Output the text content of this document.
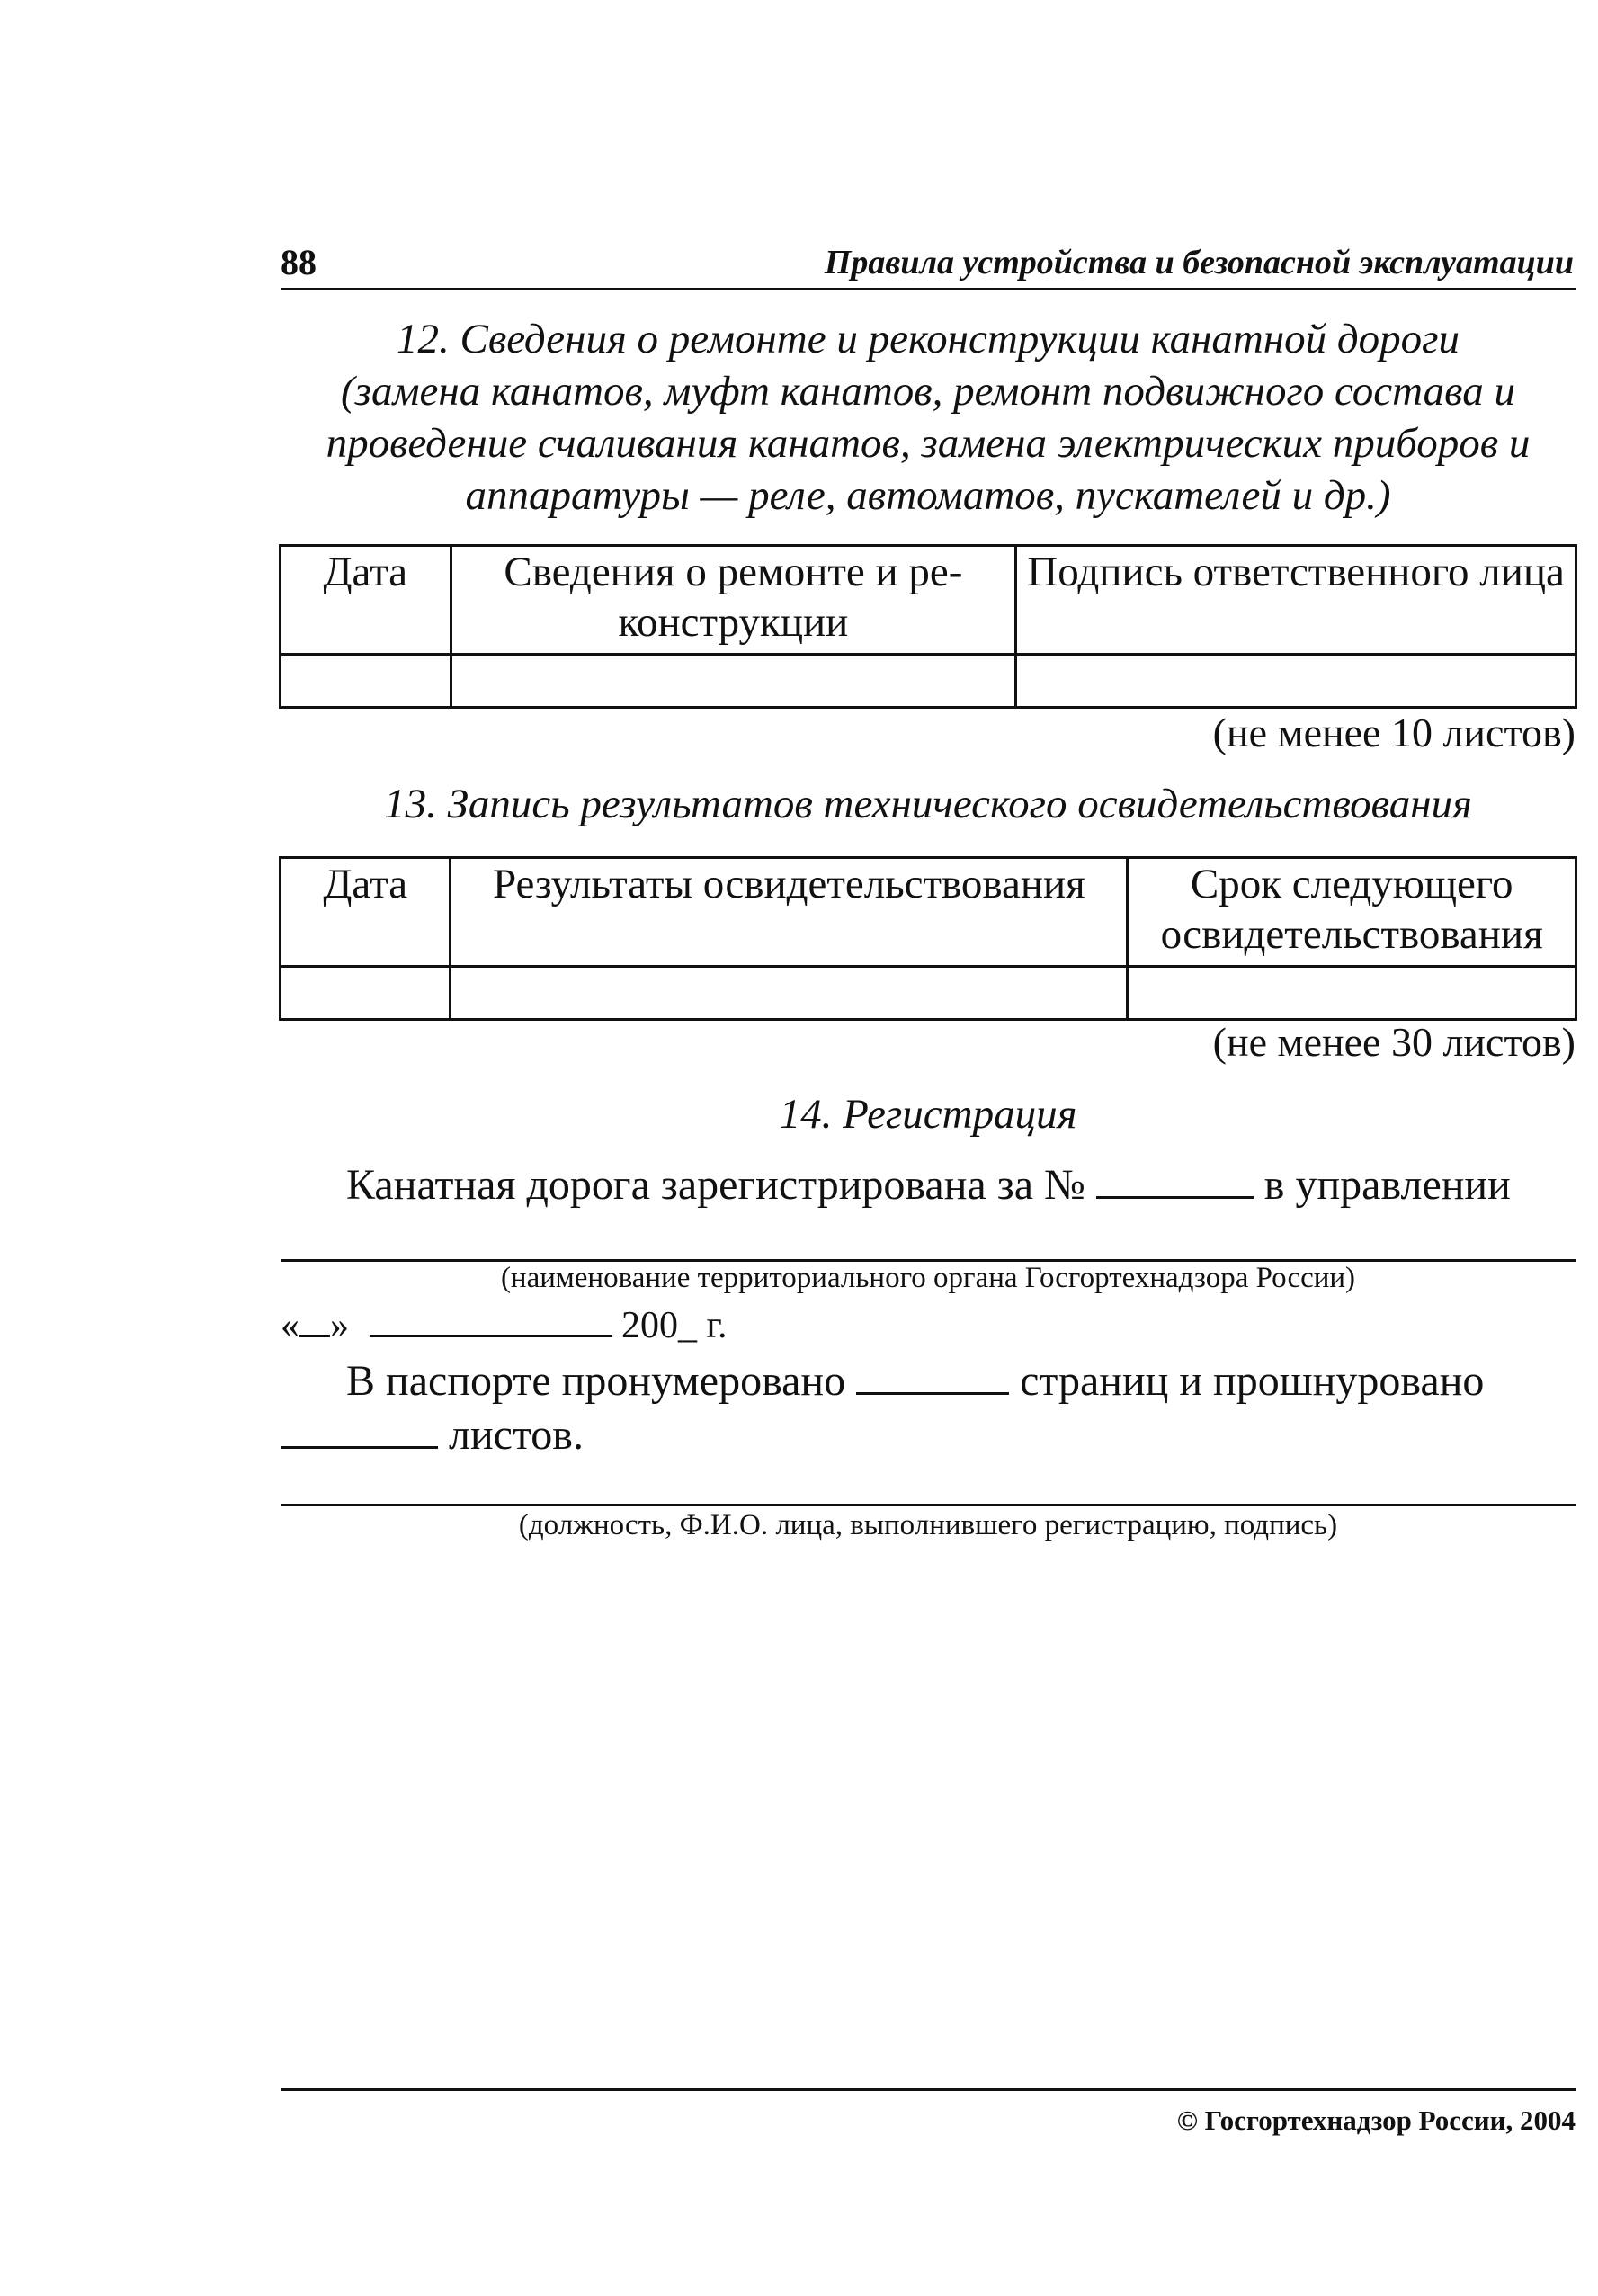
88	Правила устройства и безопасной эксплуатации
12. Сведения о ремонте и реконструкции канатной дороги
(замена канатов, муфт канатов, ремонт подвижного состава и
проведение счаливания канатов, замена электрических приборов и
аппаратуры — реле, автоматов, пускателей и др.)
Дата	Сведения о ремонте и ре-конструкции	Подпись ответственного лица

(не менее 10 листов)
13. Запись результатов технического освидетельствования
Дата	Результаты освидетельствования	Срок следующего освидетельствования

(не менее 30 листов)
14. Регистрация
Канатная дорога зарегистрирована за №	в управлении
(наименование территориального органа Госгортехнадзора России)
« »	200_ г.
В паспорте пронумеровано	страниц и прошнуровано
листов.
(должность, Ф.И.О. лица, выполнившего регистрацию, подпись)
© Госгортехнадзор России, 2004
